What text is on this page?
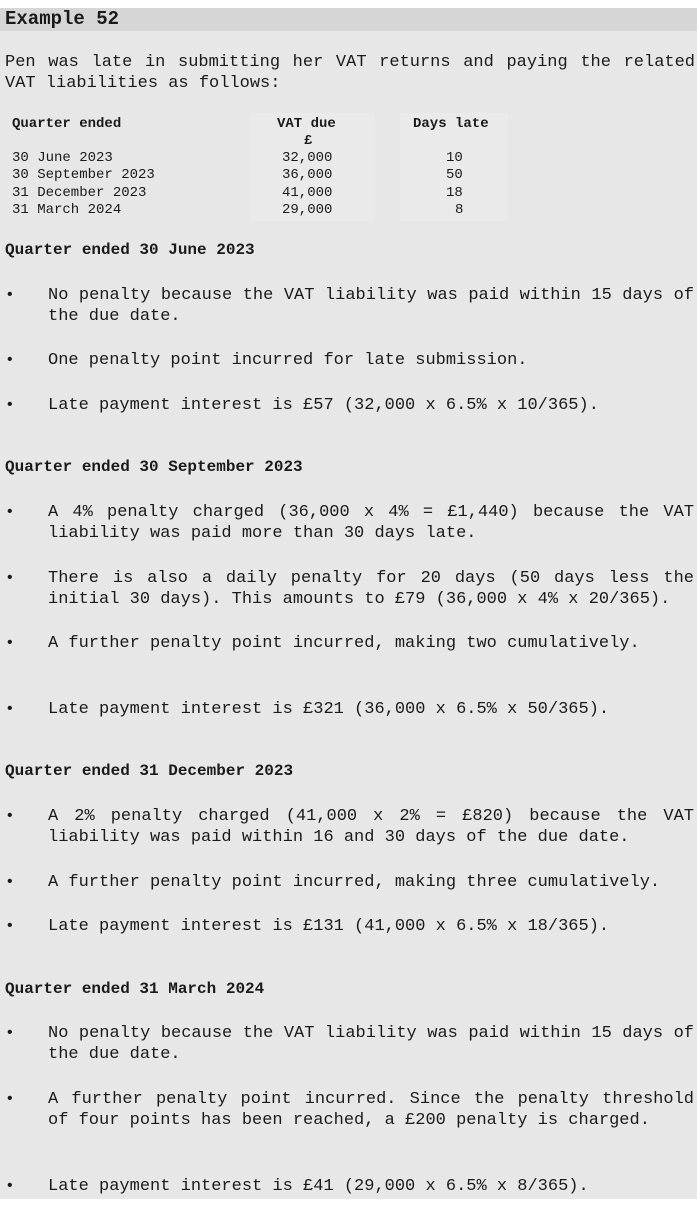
Example 52
Pen was late in submitting her VAT returns and paying the related VAT liabilities as follows:
Quarter ended	VAT due	Days late
£
30 June 2023	32,000	10
30 September 2023	36,000	50
31 December 2023	41,000	18
31 March 2024	29,000	8
Quarter ended 30 June 2023
• No penalty because the VAT liability was paid within 15 days of the due date.
• One penalty point incurred for late submission.
• Late payment interest is £57 (32,000 x 6.5% x 10/365).
Quarter ended 30 September 2023
• A 4% penalty charged (36,000 x 4% = £1,440) because the VAT liability was paid more than 30 days late.
• There is also a daily penalty for 20 days (50 days less the initial 30 days). This amounts to £79 (36,000 x 4% x 20/365).
• A further penalty point incurred, making two cumulatively.
• Late payment interest is £321 (36,000 x 6.5% x 50/365).
Quarter ended 31 December 2023
• A 2% penalty charged (41,000 x 2% = £820) because the VAT liability was paid within 16 and 30 days of the due date.
• A further penalty point incurred, making three cumulatively.
• Late payment interest is £131 (41,000 x 6.5% x 18/365).
Quarter ended 31 March 2024
• No penalty because the VAT liability was paid within 15 days of the due date.
• A further penalty point incurred. Since the penalty threshold of four points has been reached, a £200 penalty is charged.
• Late payment interest is £41 (29,000 x 6.5% x 8/365).
